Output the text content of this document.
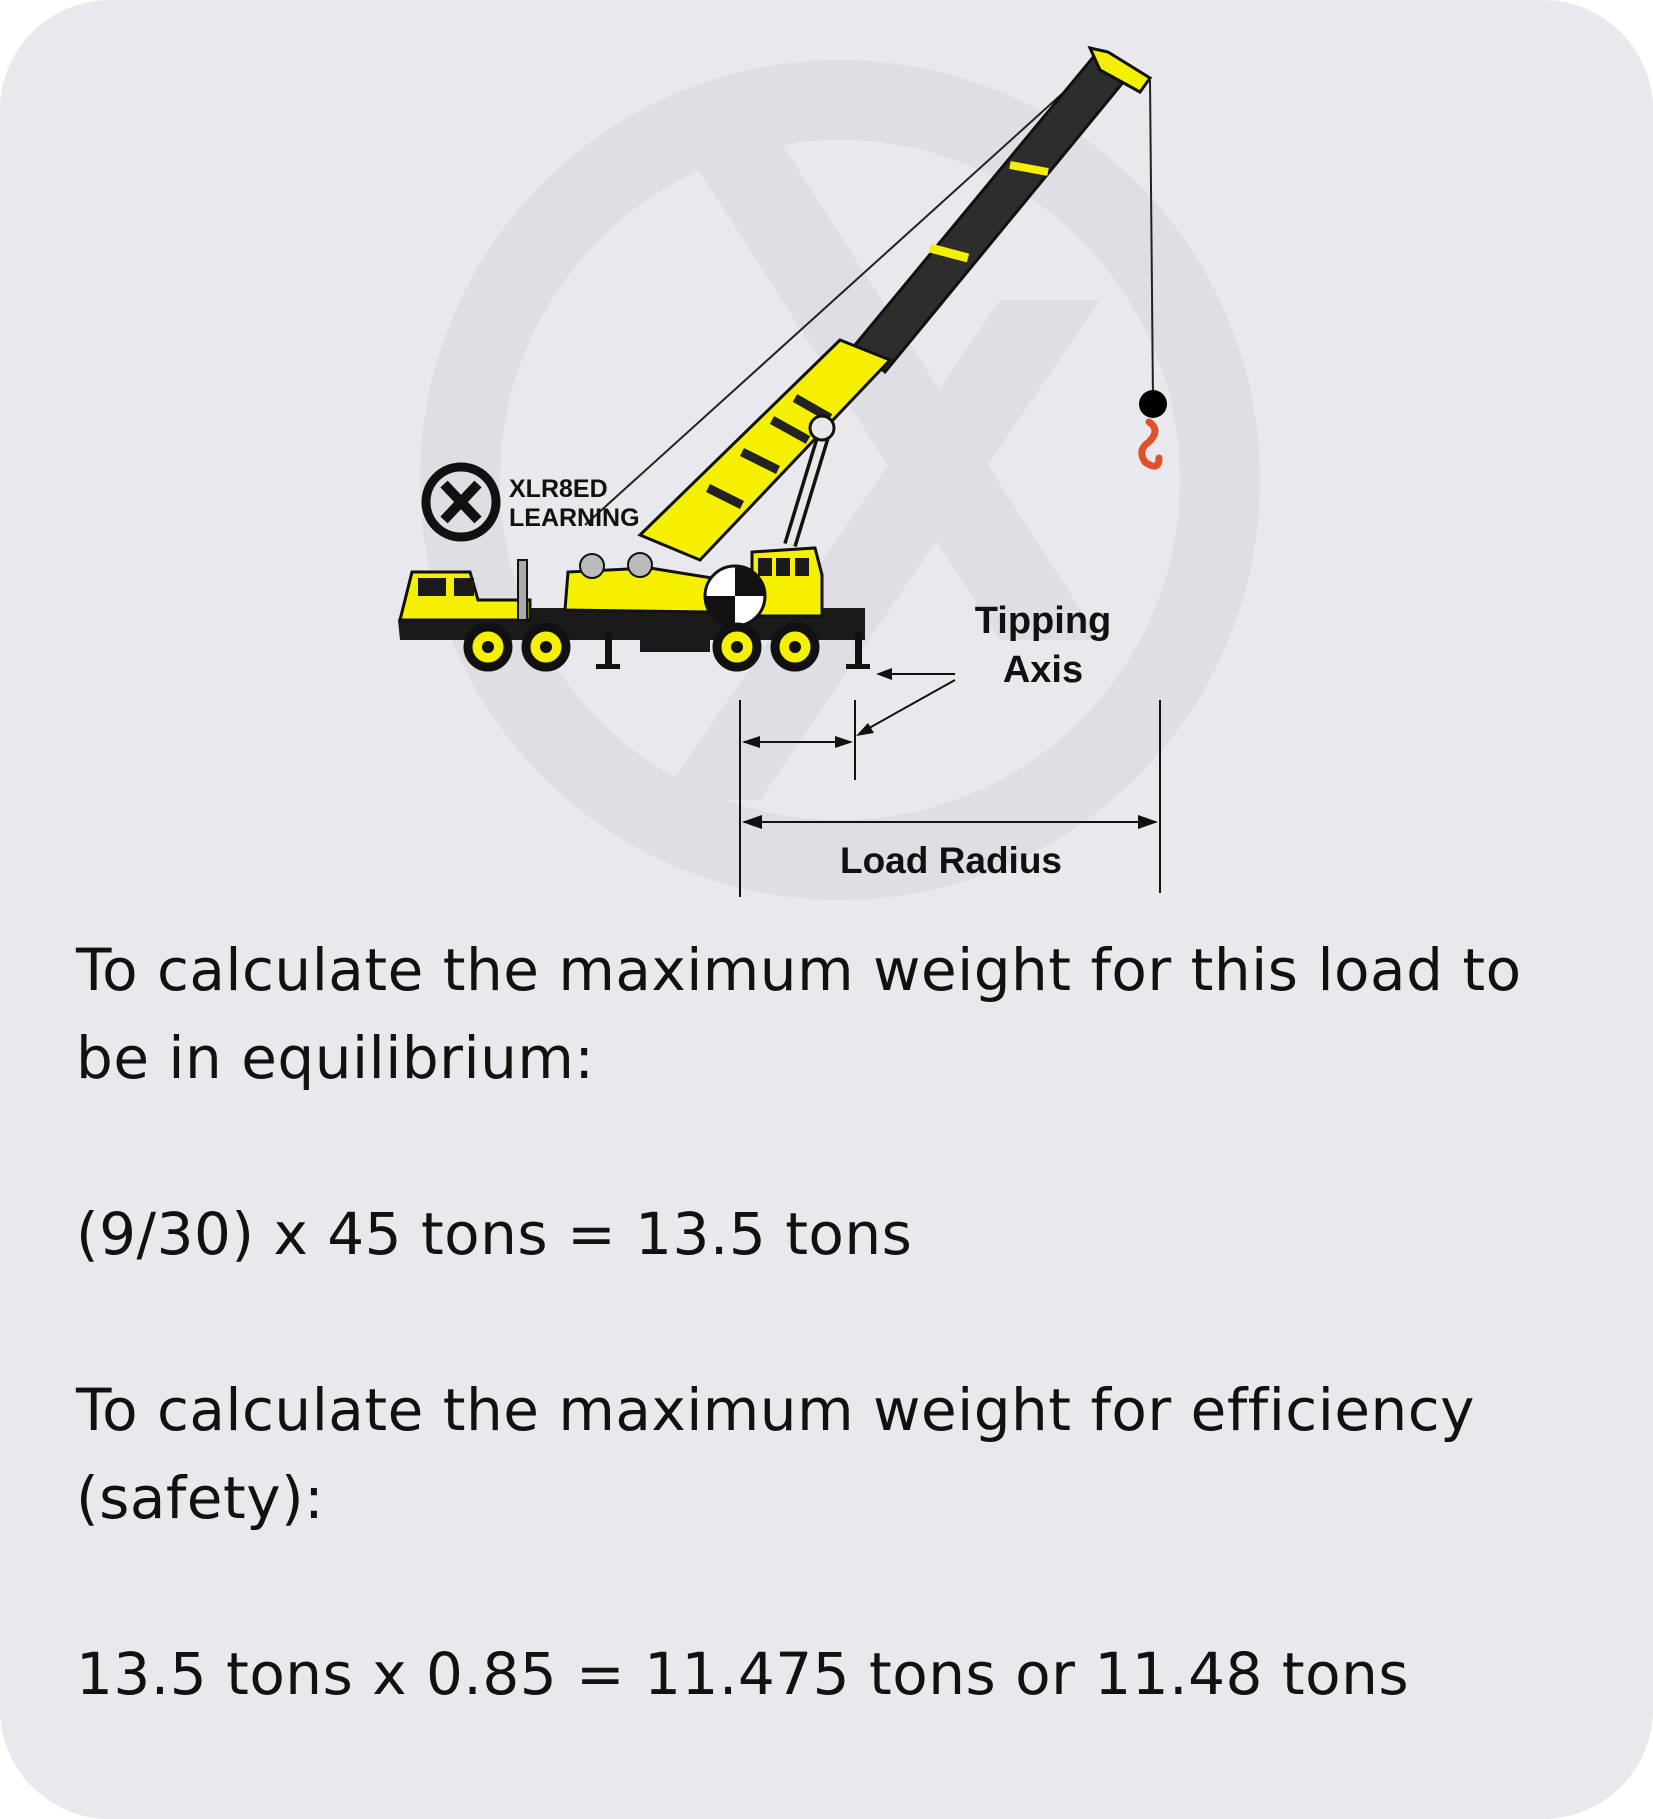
XLR8ED
LEARNING
Tipping
Axis
Load Radius

To calculate the maximum weight for this load to be in equilibrium:

(9/30) x 45 tons = 13.5 tons

To calculate the maximum weight for efficiency (safety):

13.5 tons x 0.85 = 11.475 tons or 11.48 tons
